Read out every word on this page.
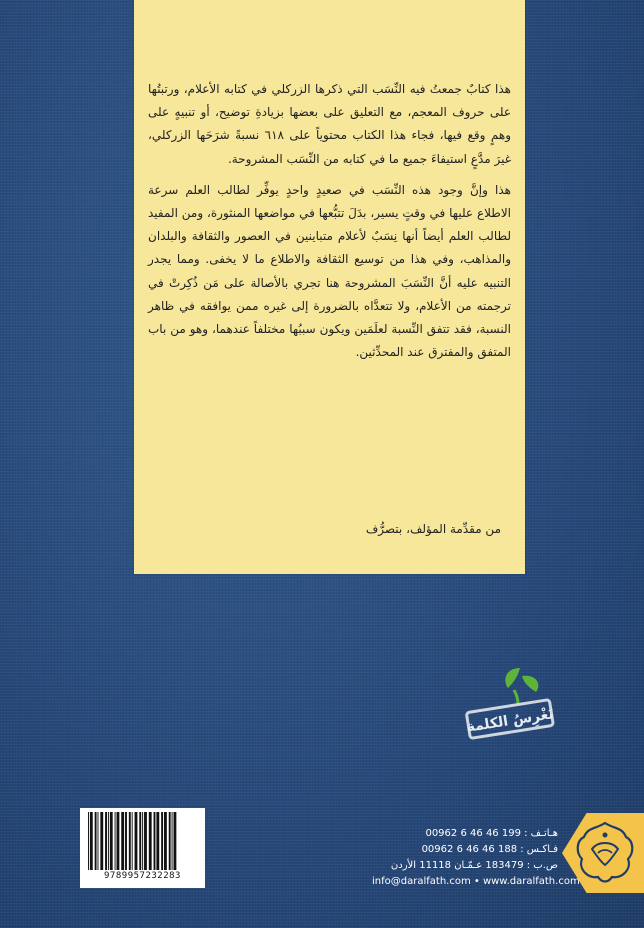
هذا كتابٌ جمعتُ فيه النِّسَب التي ذكرها الزركلي في كتابه الأعلام، ورتبتُها على حروف المعجم، مع التعليق على بعضها بزيادةِ توضيح، أو تنبيهٍ على وهمٍ وقع فيها، فجاء هذا الكتاب محتوياً على ٦١٨ نسبةً شرَحَها الزركلي، غيرَ مدَّعٍ استيفاءَ جميع ما في كتابه من النِّسَب المشروحة.

هذا وإنَّ وجود هذه النِّسَب في صعيدٍ واحدٍ يوفِّر لطالب العلم سرعة الاطلاع عليها في وقتٍ يسير، بدَلَ تتبُّعها في مواضعها المنثورة، ومن المفيد لطالب العلم أيضاً أنها نِسَبٌ لأعلام متباينين في العصور والثقافة والبلدان والمذاهب، وفي هذا من توسيع الثقافة والاطلاع ما لا يخفى. ومما يجدر التنبيه عليه أنَّ النِّسَبَ المشروحة هنا تجري بالأصالة على مَن ذُكِرتْ في ترجمته من الأعلام، ولا تتعدَّاه بالضرورة إلى غيره ممن يوافقه في ظاهر النسبة، فقد تتفق النِّسبة لعلَمَين ويكون سببُها مختلفاً عندهما، وهو من باب المتفق والمفترق عند المحدِّثين.

من مقدِّمة المؤلف، بتصرُّف
نَغْرِسُ الكلمة
9789957232283
هـاتـف : 199 46 46 6 00962
فـاكـس : 188 46 46 6 00962
ص.ب : 183479 عـمّـان 11118 الأردن
info@daralfath.com • www.daralfath.com
